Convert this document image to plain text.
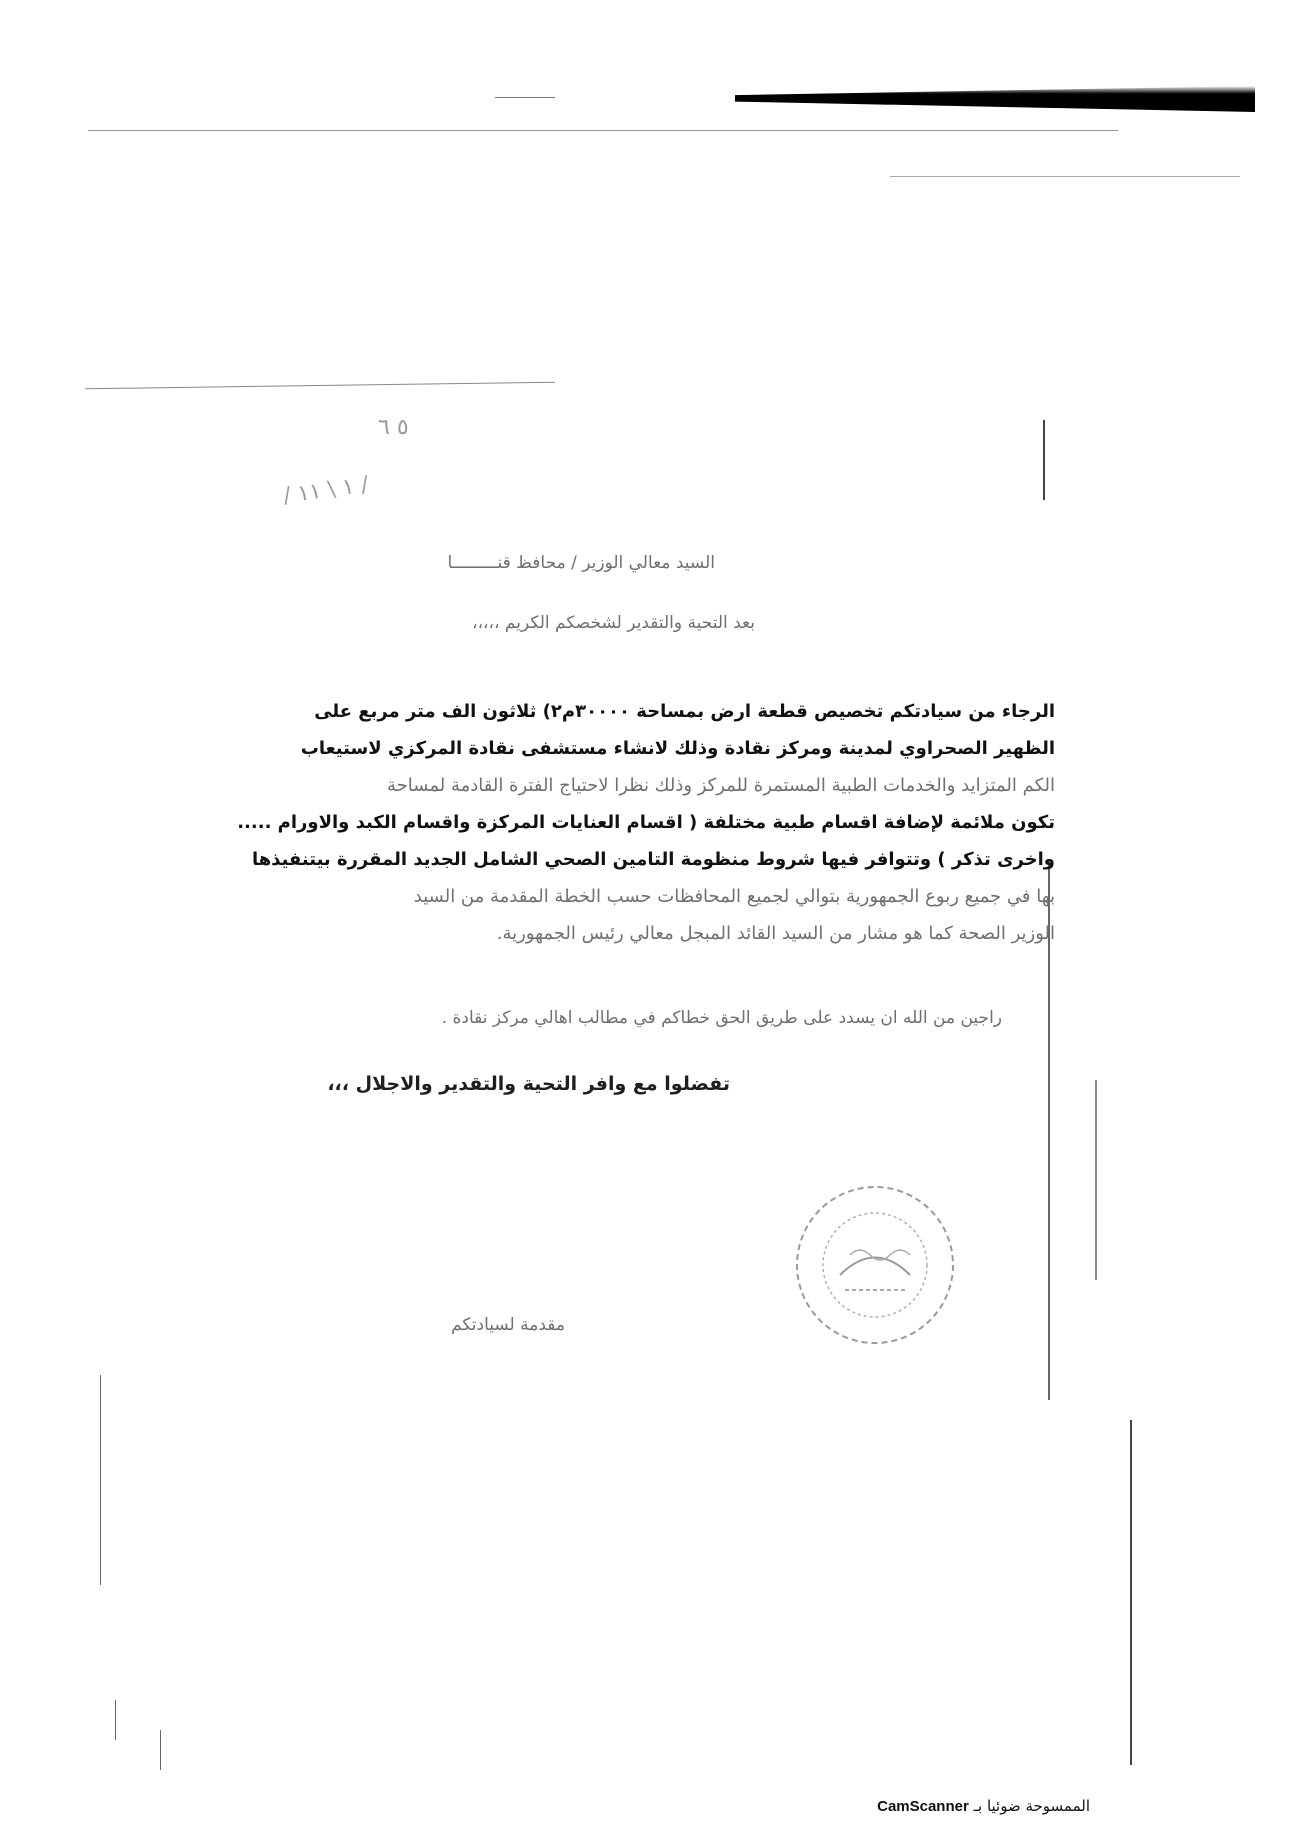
٥ ٦
/ ١ \ ١١ /
السيد معالي الوزير / محافظ قنـــــــــا
بعد التحية والتقدير لشخصكم الكريم ،،،،،

الرجاء من سيادتكم تخصيص قطعة ارض بمساحة ٣٠٠٠٠م٢) ثلاثون الف متر مربع على

الظهير الصحراوي لمدينة ومركز نقادة وذلك لانشاء مستشفى نقادة المركزي لاستيعاب

الكم المتزايد والخدمات الطبية المستمرة للمركز وذلك نظرا لاحتياج الفترة القادمة لمساحة

تكون ملائمة لإضافة اقسام طبية مختلفة ( اقسام العنايات المركزة واقسام الكبد والاورام .....

واخرى تذكر ) وتتوافر فيها شروط منظومة التامين الصحي الشامل الجديد المقررة بيتنفيذها

بها في جميع ربوع الجمهورية بتوالي لجميع المحافظات حسب الخطة المقدمة من السيد

الوزير الصحة كما هو مشار من السيد القائد المبجل معالي رئيس الجمهورية.

راجين من الله ان يسدد على طريق الحق خطاكم في مطالب اهالي مركز نقادة .
تفضلوا مع وافر التحية والتقدير والاجلال ،،،
مقدمة لسيادتكم
الممسوحة ضوئيا بـ CamScanner
